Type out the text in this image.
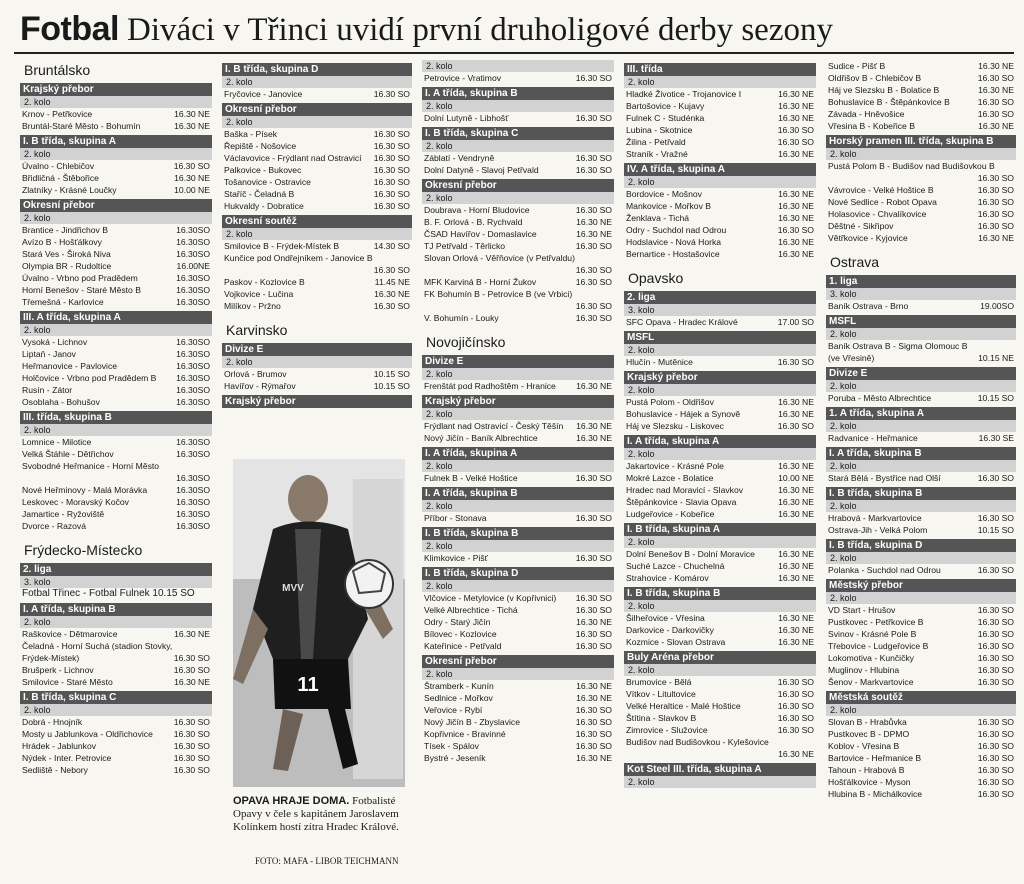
Fotbal Diváci v Třinci uvidí první druholigové derby sezony
Bruntálsko
Krajský přebor
2. kolo
Krnov - Petřkovice	16.30 NE
Bruntál-Staré Město - Bohumín	16.30 NE
I. B třída, skupina A
2. kolo
Úvalno - Chlebičov	16.30 SO
Břidličná - Štěbořice	16.30 NE
Zlatníky - Krásné Loučky	10.00 NE
Okresní přebor
2. kolo
Brantice - Jindřichov B	16.30SO
Avízo B - Hošťálkovy	16.30SO
Stará Ves - Široká Niva	16.30SO
Olympia BR - Rudoltice	16.00NE
Úvalno - Vrbno pod Pradědem	16.30SO
Horní Benešov - Staré Město B	16.30SO
Třemešná - Karlovice	16.30SO
III. A třída, skupina A
2. kolo
Vysoká - Lichnov	16.30SO
Liptaň - Janov	16.30SO
Heřmanovice - Pavlovice	16.30SO
Holčovice - Vrbno pod Pradědem B	16.30SO
Rusín - Zátor	16.30SO
Osoblaha - Bohušov	16.30SO
III. třída, skupina B
2. kolo
Lomnice - Milotice	16.30SO
Velká Štáhle - Dětřichov	16.30SO
Svobodné Heřmanice - Horní Město
16.30SO
Nové Heřminovy - Malá Morávka	16.30SO
Leskovec - Moravský Kočov	16.30SO
Jamartice - Ryžoviště	16.30SO
Dvorce - Razová	16.30SO
Frýdecko-Místecko
2. liga
3. kolo
Fotbal Třinec - Fotbal Fulnek 10.15 SO
I. A třída, skupina B
2. kolo
Raškovice - Dětmarovice	16.30 NE
Čeladná - Horní Suchá (stadion Stovky,
Frýdek-Místek)	16.30 SO
Brušperk - Lichnov	16.30 SO
Smilovice - Staré Město	16.30 NE
I. B třída, skupina C
2. kolo
Dobrá - Hnojník	16.30 SO
Mosty u Jablunkova - Oldřichovice	16.30 SO
Hrádek - Jablunkov	16.30 SO
Nýdek - Inter. Petrovice	16.30 SO
Sedliště - Nebory	16.30 SO
I. B třída, skupina D
2. kolo
Fryčovice - Janovice	16.30 SO
Okresní přebor
2. kolo
Baška - Písek	16.30 SO
Řepiště - Nošovice	16.30 SO
Václavovice - Frýdlant nad Ostravicí	16.30 SO
Palkovice - Bukovec	16.30 SO
Tošanovice - Ostravice	16.30 SO
Staříč - Čeladná B	16.30 SO
Hukvaldy - Dobratice	16.30 SO
Okresní soutěž
2. kolo
Smilovice B - Frýdek-Místek B	14.30 SO
Kunčice pod Ondřejníkem - Janovice B
16.30 SO
Paskov - Kozlovice B	11.45 NE
Vojkovice - Lučina	16.30 NE
Milíkov - Pržno	16.30 SO
Karvinsko
Divize E
2. kolo
Orlová - Brumov	10.15 SO
Havířov - Rýmařov	10.15 SO
Krajský přebor
2. kolo
Petrovice - Vratimov	16.30 SO
I. A třída, skupina B
2. kolo
Dolní Lutyně - Libhošť	16.30 SO
I. B třída, skupina C
2. kolo
Záblatí - Vendryně	16.30 SO
Dolní Datyně - Slavoj Petřvald	16.30 SO
Okresní přebor
2. kolo
Doubrava - Horní Bludovice	16.30 SO
B. F. Orlová - B. Rychvald	16.30 NE
ČSAD Havířov - Domaslavice	16.30 NE
TJ Petřvald - Těrlicko	16.30 SO
Slovan Orlová - Věřňovice (v Petřvaldu)
16.30 SO
MFK Karviná B - Horní Žukov	16.30 SO
FK Bohumín B - Petrovice B (ve Vrbici)
16.30 SO
V. Bohumín - Louky	16.30 SO
Novojičínsko
Divize E
2. kolo
Frenštát pod Radhoštěm - Hranice	16.30 NE
Krajský přebor
2. kolo
Frýdlant nad Ostravicí - Český Těšín	16.30 NE
Nový Jičín - Baník Albrechtice	16.30 NE
I. A třída, skupina A
2. kolo
Fulnek B - Velké Hoštice	16.30 SO
I. A třída, skupina B
2. kolo
Příbor - Stonava	16.30 SO
I. B třída, skupina B
2. kolo
Klimkovice - Pišť	16.30 SO
I. B třída, skupina D
2. kolo
Vlčovice - Metylovice (v Kopřivnici)	16.30 SO
Velké Albrechtice - Tichá	16.30 SO
Odry - Starý Jičín	16.30 NE
Bílovec - Kozlovice	16.30 SO
Kateřinice - Petřvald	16.30 SO
Okresní přebor
2. kolo
Štramberk - Kunín	16.30 NE
Sedlnice - Mořkov	16.30 NE
Veřovice - Rybí	16.30 SO
Nový Jičín B - Zbyslavice	16.30 SO
Kopřivnice - Bravinné	16.30 SO
Tísek - Spálov	16.30 SO
Bystré - Jeseník	16.30 NE
III. třída
2. kolo
Hladké Životice - Trojanovice I	16.30 NE
Bartošovice - Kujavy	16.30 NE
Fulnek C - Studénka	16.30 NE
Lubina - Skotnice	16.30 SO
Žilina - Petřvald	16.30 SO
Straník - Vražné	16.30 NE
IV. A třída, skupina A
2. kolo
Bordovice - Mošnov	16.30 NE
Mankovice - Mořkov B	16.30 NE
Ženklava - Tichá	16.30 NE
Odry - Suchdol nad Odrou	16.30 SO
Hodslavice - Nová Horka	16.30 NE
Bernartice - Hostašovice	16.30 NE
Opavsko
2. liga
3. kolo
SFC Opava - Hradec Králové	17.00 SO
MSFL
2. kolo
Hlučín - Mutěnice	16.30 SO
Krajský přebor
2. kolo
Pustá Polom - Oldřišov	16.30 NE
Bohuslavice - Hájek a Synově	16.30 NE
Háj ve Slezsku - Liskovec	16.30 SO
I. A třída, skupina A
2. kolo
Jakartovice - Krásné Pole	16.30 NE
Mokré Lazce - Bolatice	10.00 NE
Hradec nad Moravicí - Slavkov	16.30 NE
Štěpánkovice - Slavia Opava	16.30 NE
Ludgeřovice - Kobeřice	16.30 NE
I. B třída, skupina A
2. kolo
Dolní Benešov B - Dolní Moravice	16.30 NE
Suché Lazce - Chuchelná	16.30 NE
Strahovice - Komárov	16.30 NE
I. B třída, skupina B
2. kolo
Šilheřovice - Vřesina	16.30 NE
Darkovice - Darkovičky	16.30 NE
Kozmice - Slovan Ostrava	16.30 NE
Buly Aréna přebor
2. kolo
Brumovice - Bělá	16.30 SO
Vítkov - Litultovice	16.30 SO
Velké Heraltice - Malé Hoštice	16.30 SO
Štítina - Slavkov B	16.30 SO
Zimrovice - Služovice	16.30 SO
Budišov nad Budišovkou - Kylešovice
16.30 NE
Kot Steel III. třída, skupina A
2. kolo
Sudice - Pišť B	16.30 NE
Oldřišov B - Chlebičov B	16.30 SO
Háj ve Slezsku B - Bolatice B	16.30 NE
Bohuslavice B - Štěpánkovice B	16.30 SO
Závada - Hněvošice	16.30 SO
Vřesina B - Kobeřice B	16.30 NE
Horský pramen III. třída, skupina B
2. kolo
Pustá Polom B - Budišov nad Budišovkou B
16.30 SO
Vávrovice - Velké Hoštice B	16.30 SO
Nové Sedlice - Robot Opava	16.30 SO
Holasovice - Chvalíkovice	16.30 SO
Děštné - Sikřipov	16.30 SO
Větřkovice - Kyjovice	16.30 NE
Ostrava
1. liga
3. kolo
Baník Ostrava - Brno	19.00SO
MSFL
2. kolo
Baník Ostrava B - Sigma Olomouc B
(ve Vřesině)	10.15 NE
Divize E
2. kolo
Poruba - Město Albrechtice	10.15 SO
1. A třída, skupina A
2. kolo
Radvanice - Heřmanice	16.30 SE
I. A třída, skupina B
2. kolo
Stará Bělá - Bystřice nad Olší	16.30 SO
I. B třída, skupina B
2. kolo
Hrabová - Markvartovice	16.30 SO
Ostrava-Jih - Velká Polom	10.15 SO
I. B třída, skupina D
2. kolo
Polanka - Suchdol nad Odrou	16.30 SO
Městský přebor
2. kolo
VD Start - Hrušov	16.30 SO
Pustkovec - Petřkovice B	16.30 SO
Svinov - Krásné Pole B	16.30 SO
Třebovice - Ludgeřovice B	16.30 SO
Lokomotiva - Kunčičky	16.30 SO
Muglinov - Hlubina	16.30 SO
Šenov - Markvartovice	16.30 SO
Městská soutěž
2. kolo
Slovan B - Hrabůvka	16.30 SO
Pustkovec B - DPMO	16.30 SO
Koblov - Vřesina B	16.30 SO
Bartovice - Heřmanice B	16.30 SO
Tahoun - Hrabová B	16.30 SO
Hošťálkovice - Myson	16.30 SO
Hlubina B - Michálkovice	16.30 SO
11
MVV
OPAVA HRAJE DOMA. Fotbalisté Opavy v čele s kapitánem Jaroslavem Kolínkem hostí zítra Hradec Králové.
FOTO: MAFA - LIBOR TEICHMANN
